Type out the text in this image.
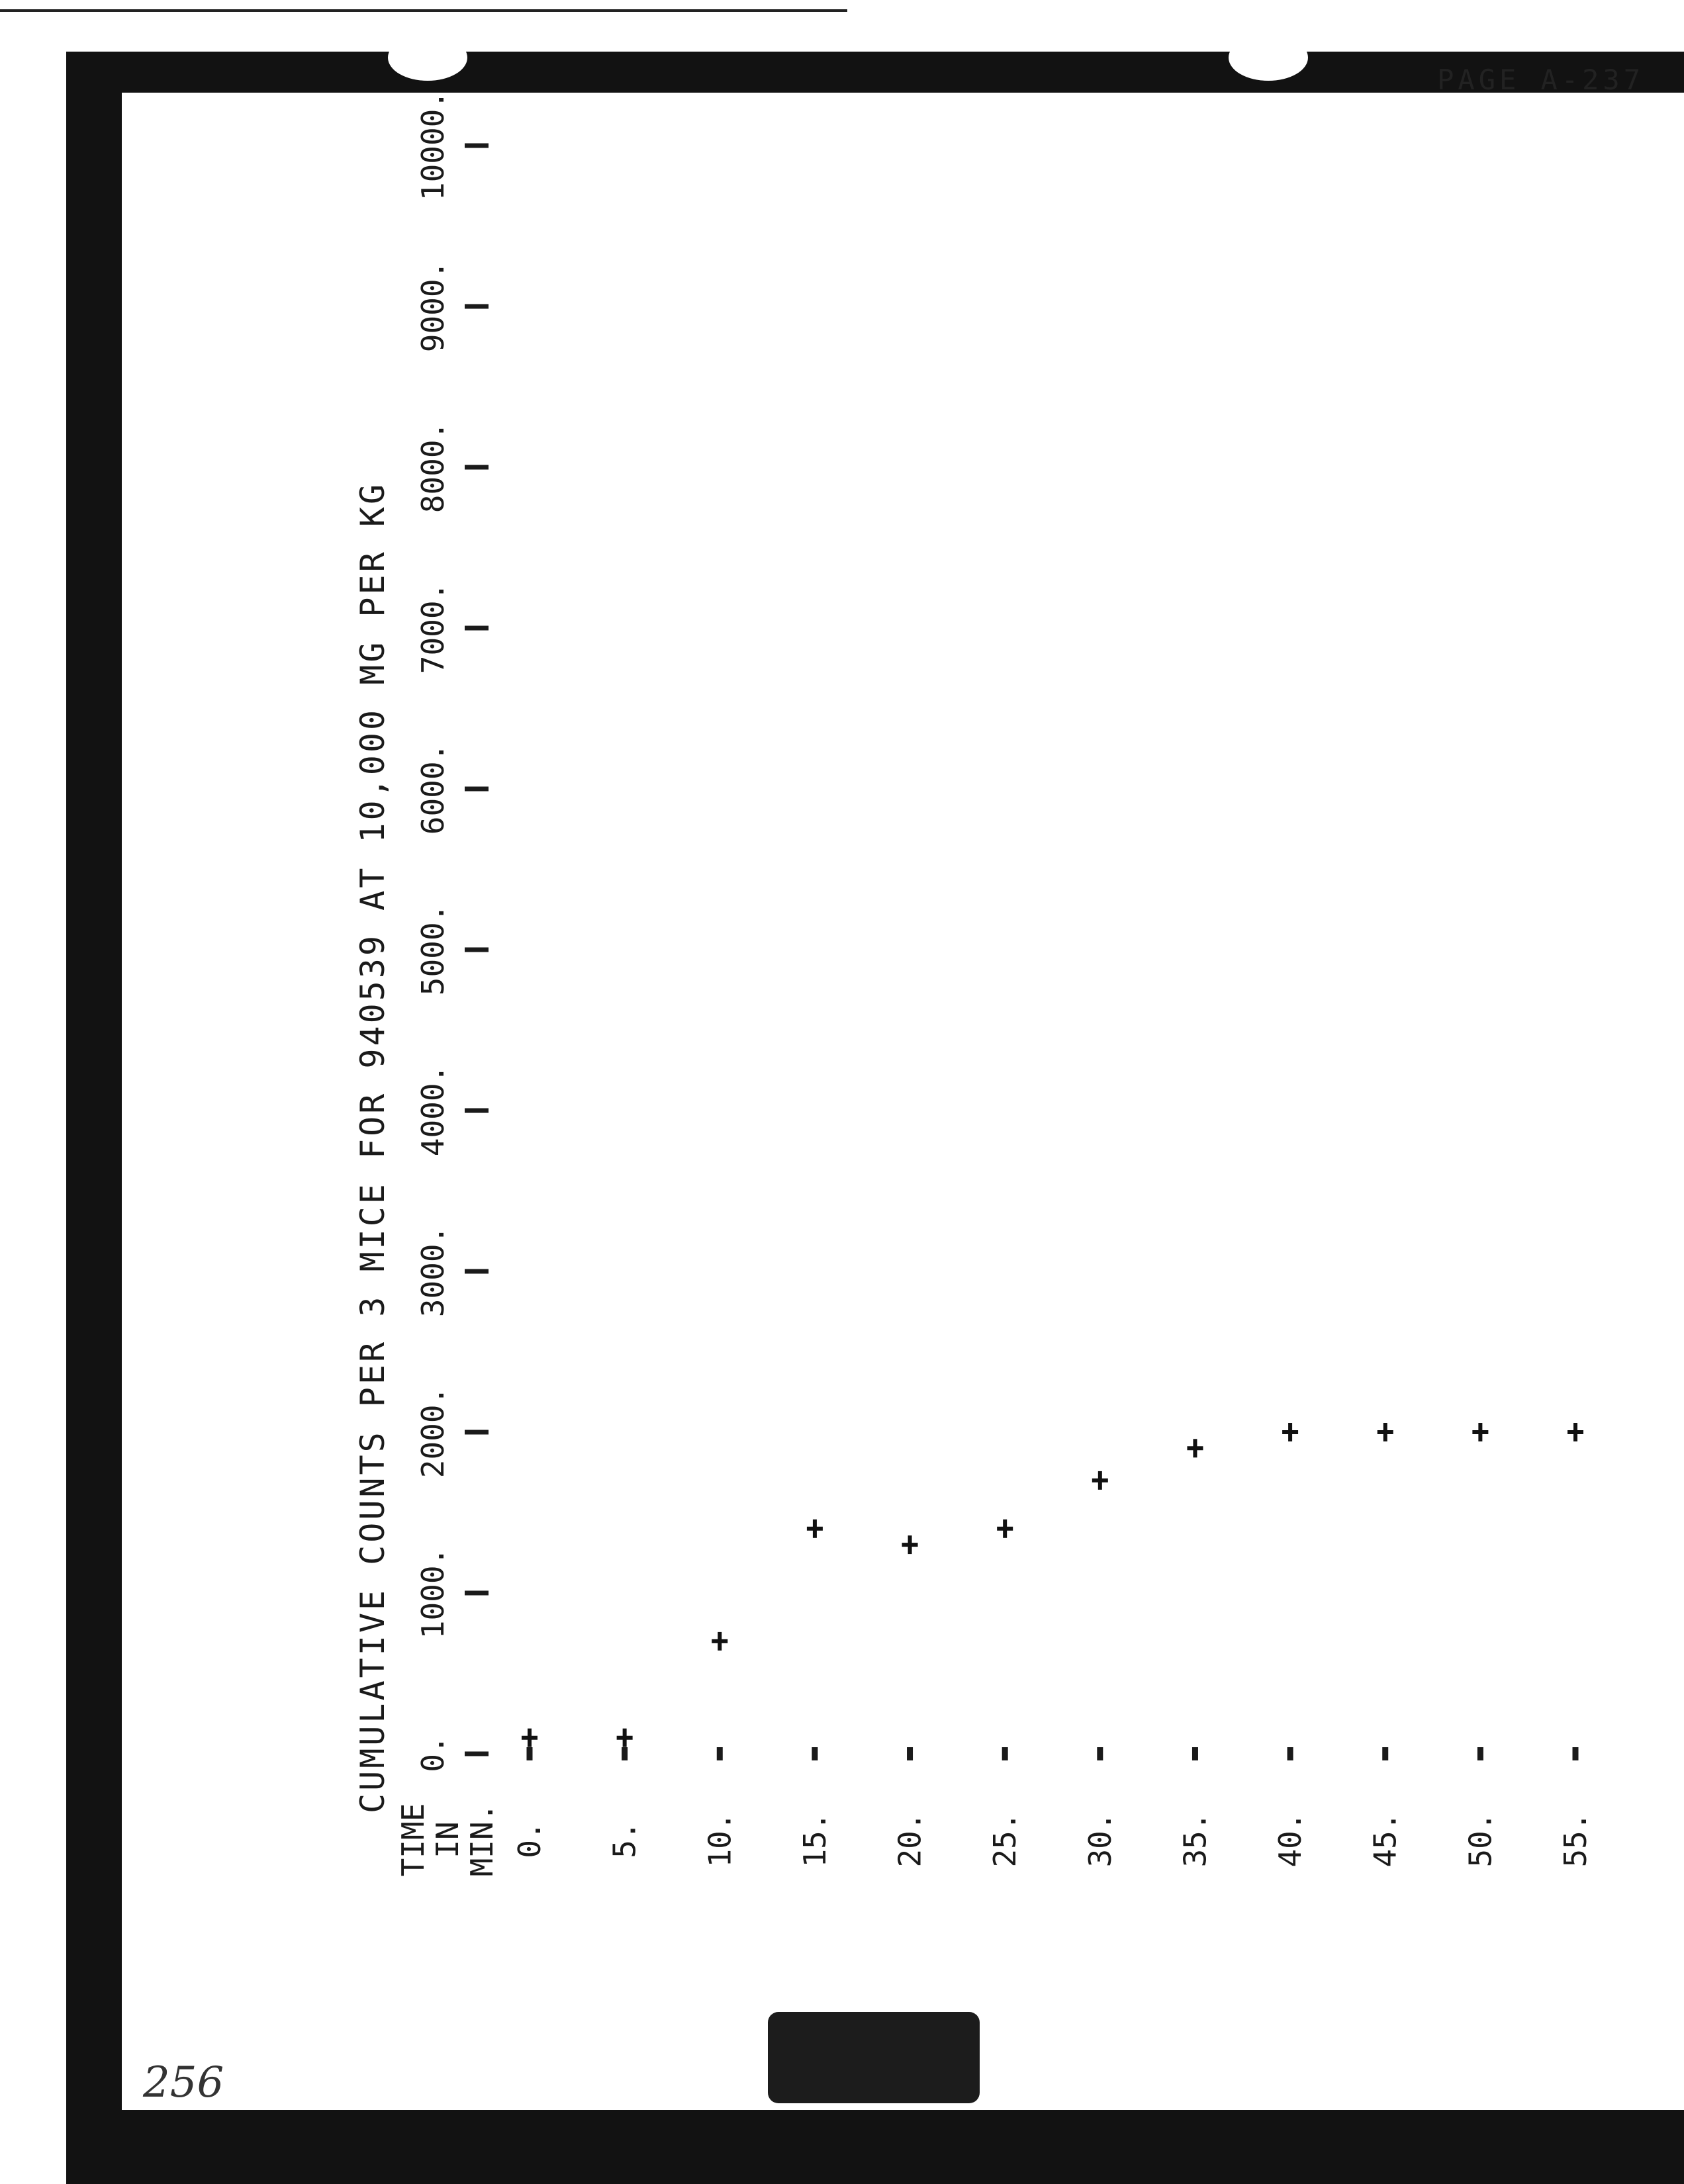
256
PAGE A-237
CUMULATIVE COUNTS PER 3 MICE FOR 940539 AT 10,000 MG PER KG
TIME
IN
MIN.
0.
1000.
2000.
3000.
4000.
5000.
6000.
7000.
8000.
9000.
10000.
0. 5. 10. 15. 20. 25. 30. 35. 40. 45. 50. 55.
